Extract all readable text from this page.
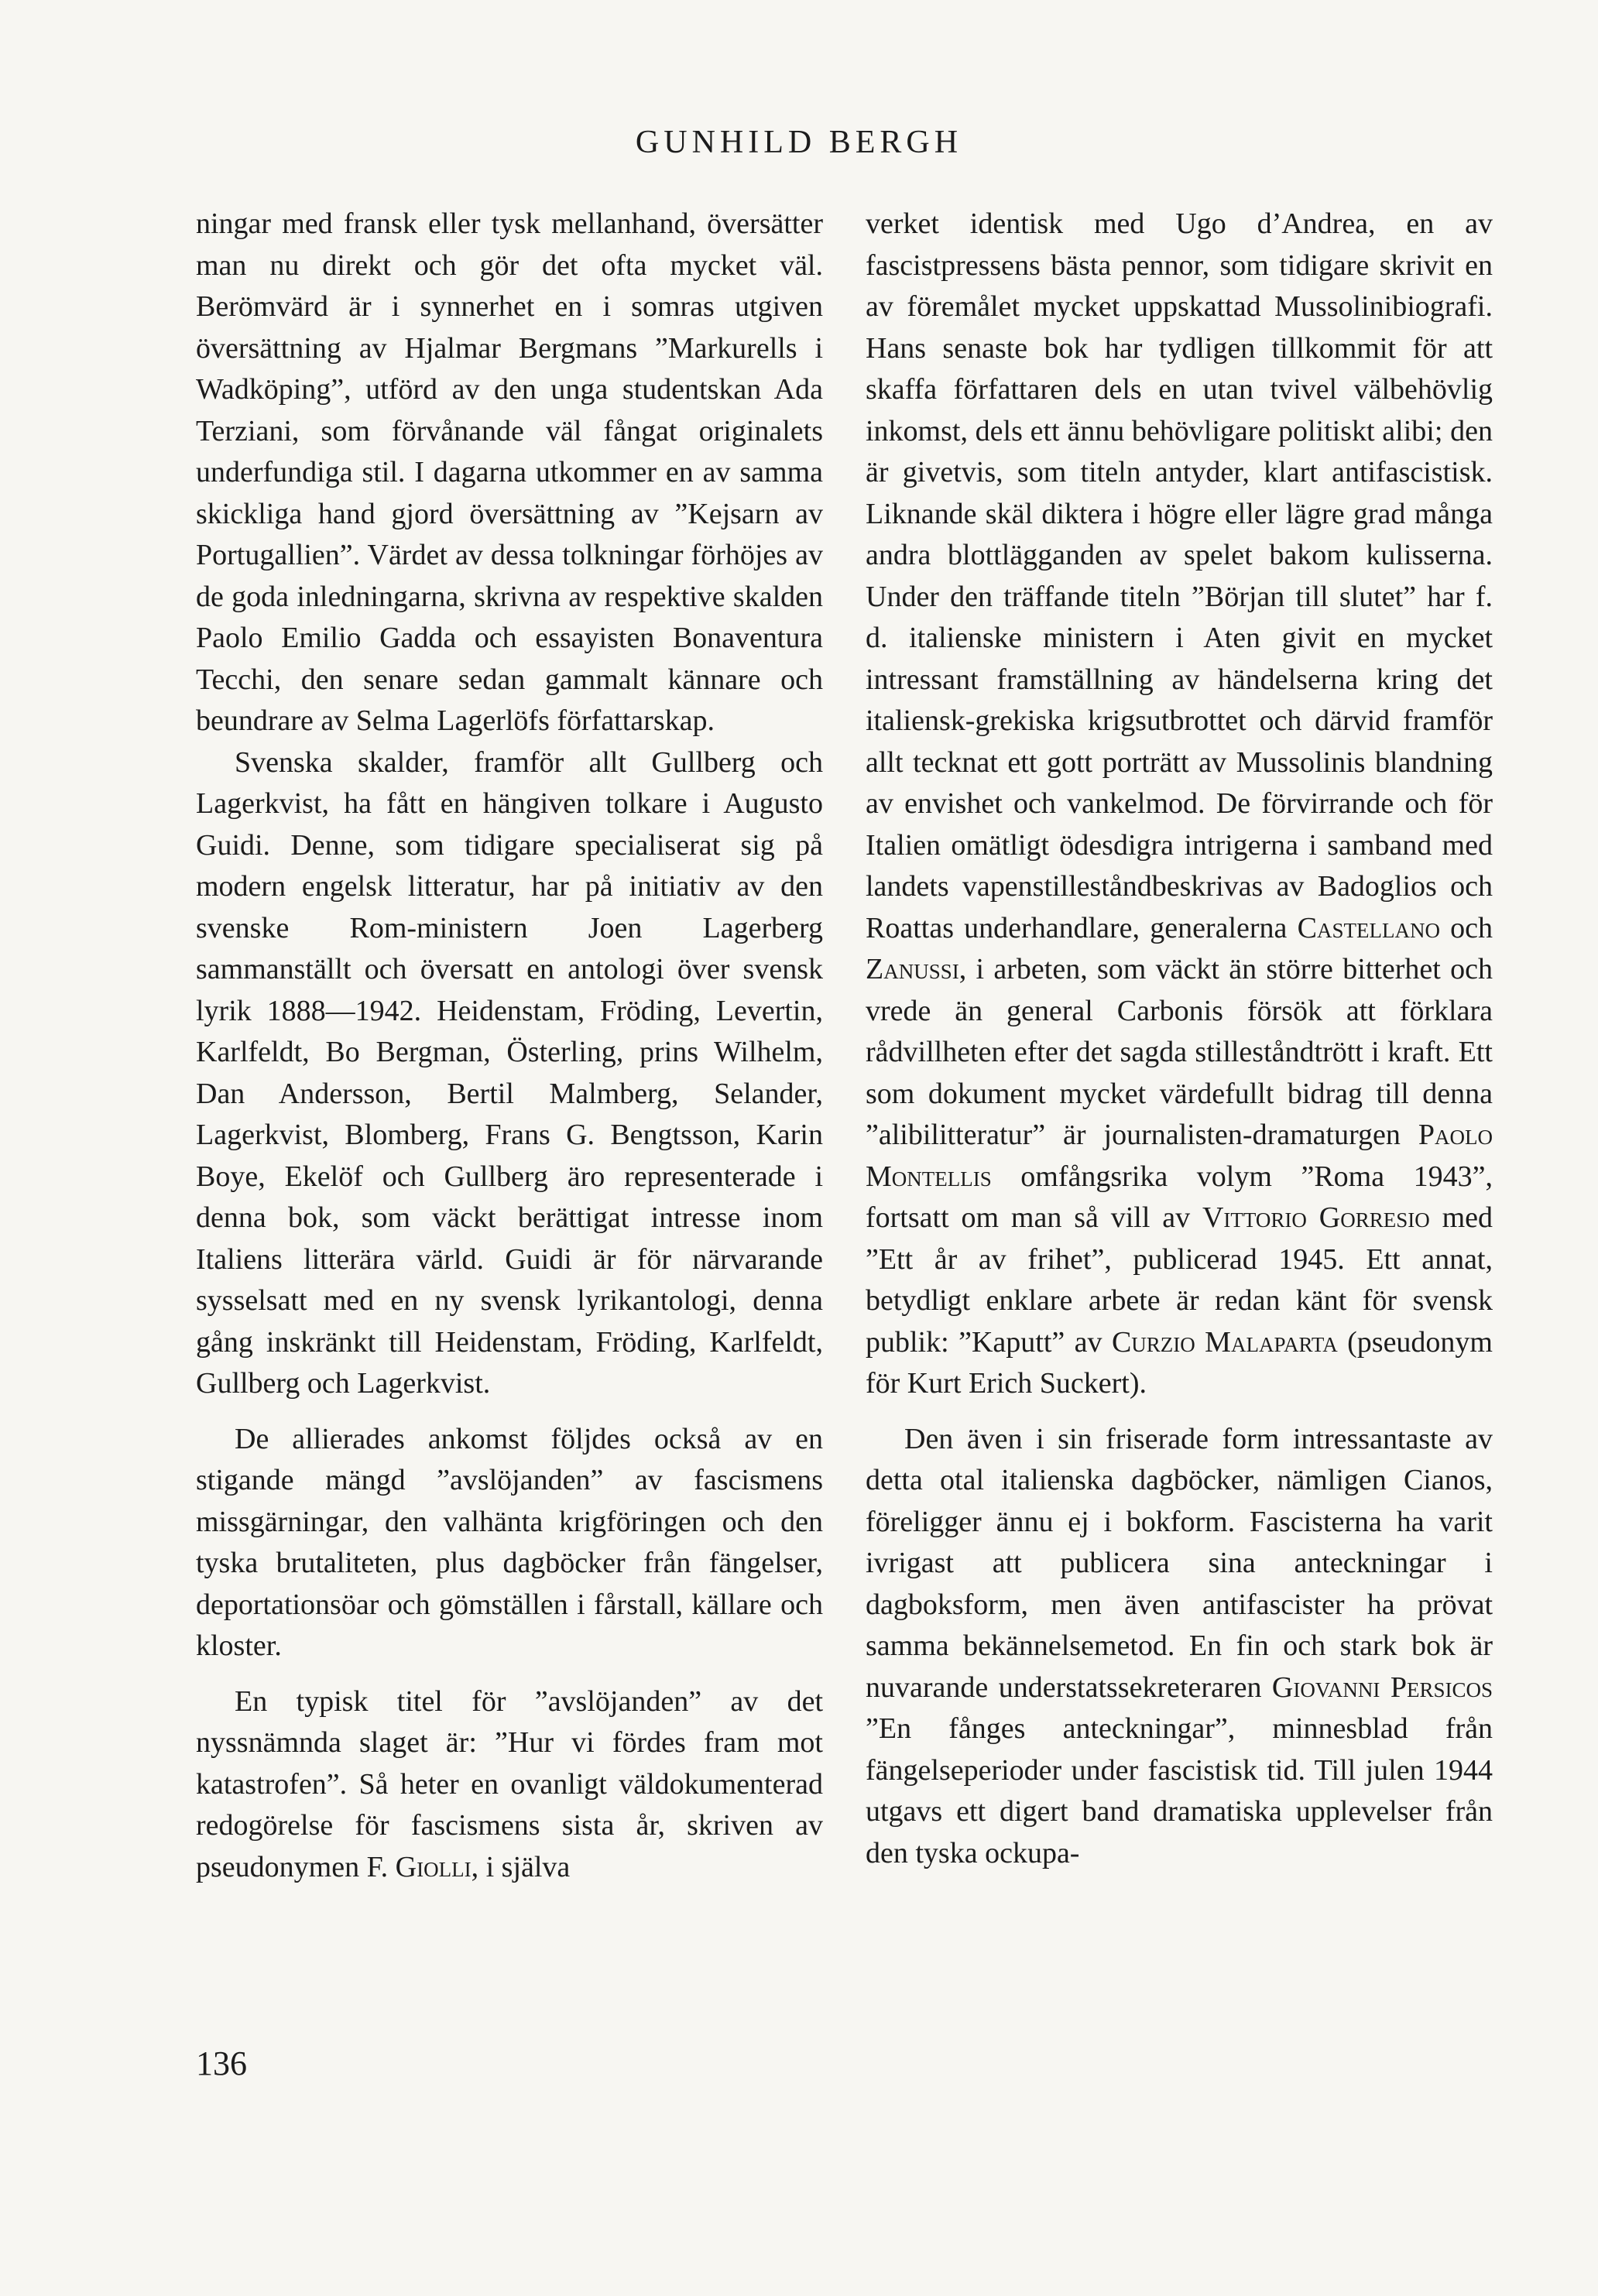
GUNHILD BERGH

ningar med fransk eller tysk mellanhand, översätter man nu direkt och gör det ofta mycket väl. Berömvärd är i synnerhet en i somras utgiven översättning av Hjalmar Bergmans ”Markurells i Wadköping”, utförd av den unga studentskan Ada Terziani, som förvånande väl fångat originalets underfundiga stil. I dagarna utkommer en av samma skickliga hand gjord översättning av ”Kejsarn av Portugallien”. Värdet av dessa tolkningar förhöjes av de goda inledningarna, skrivna av respektive skalden Paolo Emilio Gadda och essayisten Bonaventura Tecchi, den senare sedan gammalt kännare och beundrare av Selma Lagerlöfs författarskap.

Svenska skalder, framför allt Gullberg och Lagerkvist, ha fått en hängiven tolkare i Augusto Guidi. Denne, som tidigare specialiserat sig på modern engelsk litteratur, har på initiativ av den svenske Rom-ministern Joen Lagerberg sammanställt och översatt en antologi över svensk lyrik 1888—1942. Heidenstam, Fröding, Levertin, Karlfeldt, Bo Bergman, Österling, prins Wilhelm, Dan Andersson, Bertil Malmberg, Selander, Lagerkvist, Blomberg, Frans G. Bengtsson, Karin Boye, Ekelöf och Gullberg äro representerade i denna bok, som väckt berättigat intresse inom Italiens litterära värld. Guidi är för närvarande sysselsatt med en ny svensk lyrikantologi, denna gång inskränkt till Heidenstam, Fröding, Karlfeldt, Gullberg och Lagerkvist.

De allierades ankomst följdes också av en stigande mängd ”avslöjanden” av fascismens missgärningar, den valhänta krigföringen och den tyska brutaliteten, plus dagböcker från fängelser, deportationsöar och gömställen i fårstall, källare och kloster.

En typisk titel för ”avslöjanden” av det nyssnämnda slaget är: ”Hur vi fördes fram mot katastrofen”. Så heter en ovanligt väldokumenterad redogörelse för fascismens sista år, skriven av pseudonymen F. Giolli, i själva

verket identisk med Ugo d’Andrea, en av fascistpressens bästa pennor, som tidigare skrivit en av föremålet mycket uppskattad Mussolinibiografi. Hans senaste bok har tydligen tillkommit för att skaffa författaren dels en utan tvivel välbehövlig inkomst, dels ett ännu behövligare politiskt alibi; den är givetvis, som titeln antyder, klart antifascistisk. Liknande skäl diktera i högre eller lägre grad många andra blottlägganden av spelet bakom kulisserna. Under den träffande titeln ”Början till slutet” har f. d. italienske ministern i Aten givit en mycket intressant framställning av händelserna kring det italiensk-grekiska krigsutbrottet och därvid framför allt tecknat ett gott porträtt av Mussolinis blandning av envishet och vankelmod. De förvirrande och för Italien omätligt ödesdigra intrigerna i samband med landets vapenstilleståndbeskrivas av Badoglios och Roattas underhandlare, generalerna Castellano och Zanussi, i arbeten, som väckt än större bitterhet och vrede än general Carbonis försök att förklara rådvillheten efter det sagda stilleståndtrött i kraft. Ett som dokument mycket värdefullt bidrag till denna ”alibilitteratur” är journalisten-dramaturgen Paolo Montellis omfångsrika volym ”Roma 1943”, fortsatt om man så vill av Vittorio Gorresio med ”Ett år av frihet”, publicerad 1945. Ett annat, betydligt enklare arbete är redan känt för svensk publik: ”Kaputt” av Curzio Malaparta (pseudonym för Kurt Erich Suckert).

Den även i sin friserade form intressantaste av detta otal italienska dagböcker, nämligen Cianos, föreligger ännu ej i bokform. Fascisterna ha varit ivrigast att publicera sina anteckningar i dagboksform, men även antifascister ha prövat samma bekännelsemetod. En fin och stark bok är nuvarande understatssekreteraren Giovanni Persicos ”En fånges anteckningar”, minnesblad från fängelseperioder under fascistisk tid. Till julen 1944 utgavs ett digert band dramatiska upplevelser från den tyska ockupa-

136
